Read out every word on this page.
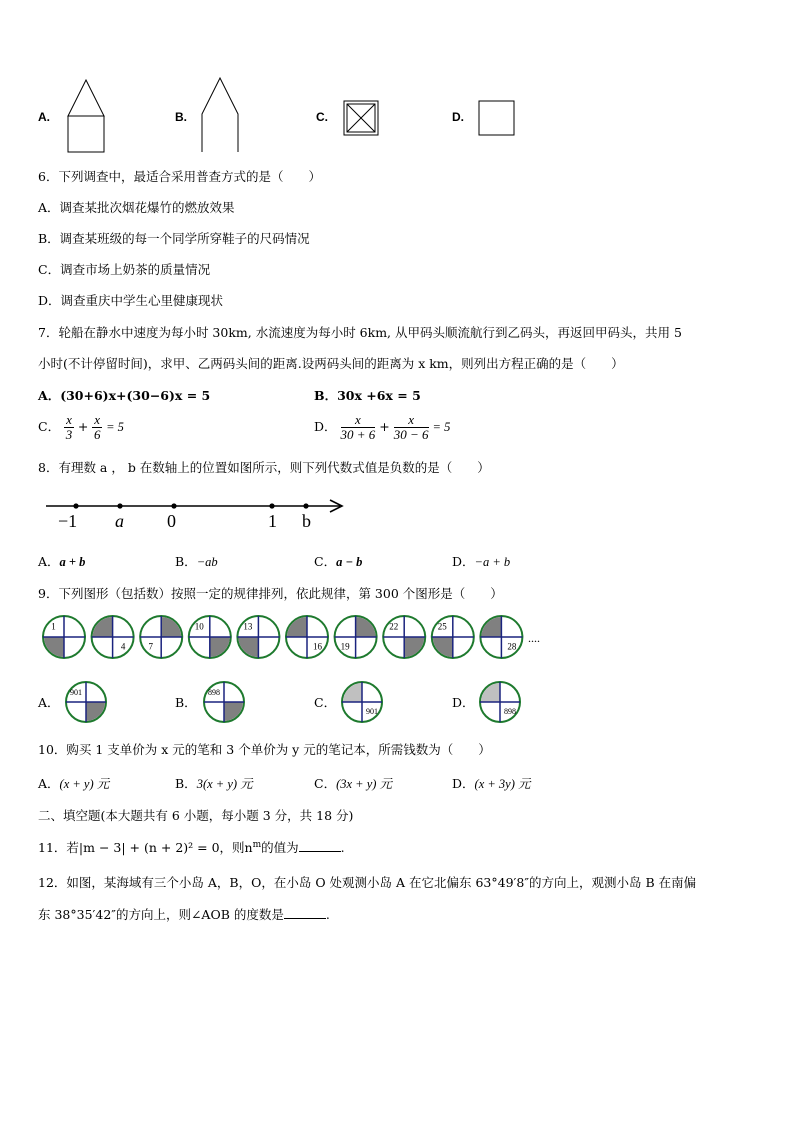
A.	B.	C.	D.
6．下列调查中，最适合采用普查方式的是（　　）
A．调查某批次烟花爆竹的燃放效果
B．调查某班级的每一个同学所穿鞋子的尺码情况
C．调查市场上奶茶的质量情况
D．调查重庆中学生心里健康现状
7．轮船在静水中速度为每小时 30km, 水流速度为每小时 6km, 从甲码头顺流航行到乙码头，再返回甲码头，共用 5
小时(不计停留时间)，求甲、乙两码头间的距离.设两码头间的距离为 x km，则列出方程正确的是（　　）
A．(30+6)x+(30−6)x = 5	B．30x +6x = 5
C． $\frac{x}{3} + \frac{x}{6} = 5$	D． $\frac{x}{30 + 6} + \frac{x}{30 - 6} = 5$
8．有理数 a ， b 在数轴上的位置如图所示，则下列代数式值是负数的是（　　）
−1 a 0	1 b
A．a + b	B．−ab	C．a − b	D．−a + b
9．下列图形（包括数）按照一定的规律排列，依此规律，第 300 个图形是（　　）
1
4	7
10	13
16 19
22	25
28
....
A．	B．	C．	D．
901	898
901	898
10．购买 1 支单价为 x 元的笔和 3 个单价为 y 元的笔记本，所需钱数为（　　）
A．(x + y) 元	B．3(x + y) 元	C．(3x + y) 元	D．(x + 3y) 元
二、填空题(本大题共有 6 小题，每小题 3 分，共 18 分)
11．若|m − 3| + (n + 2)² = 0，则$n^m$的值为	.
12．如图，某海域有三个小岛 A，B，O，在小岛 O 处观测小岛 A 在它北偏东 63°49′8″的方向上，观测小岛 B 在南偏
东 38°35′42″的方向上，则∠AOB 的度数是	.
